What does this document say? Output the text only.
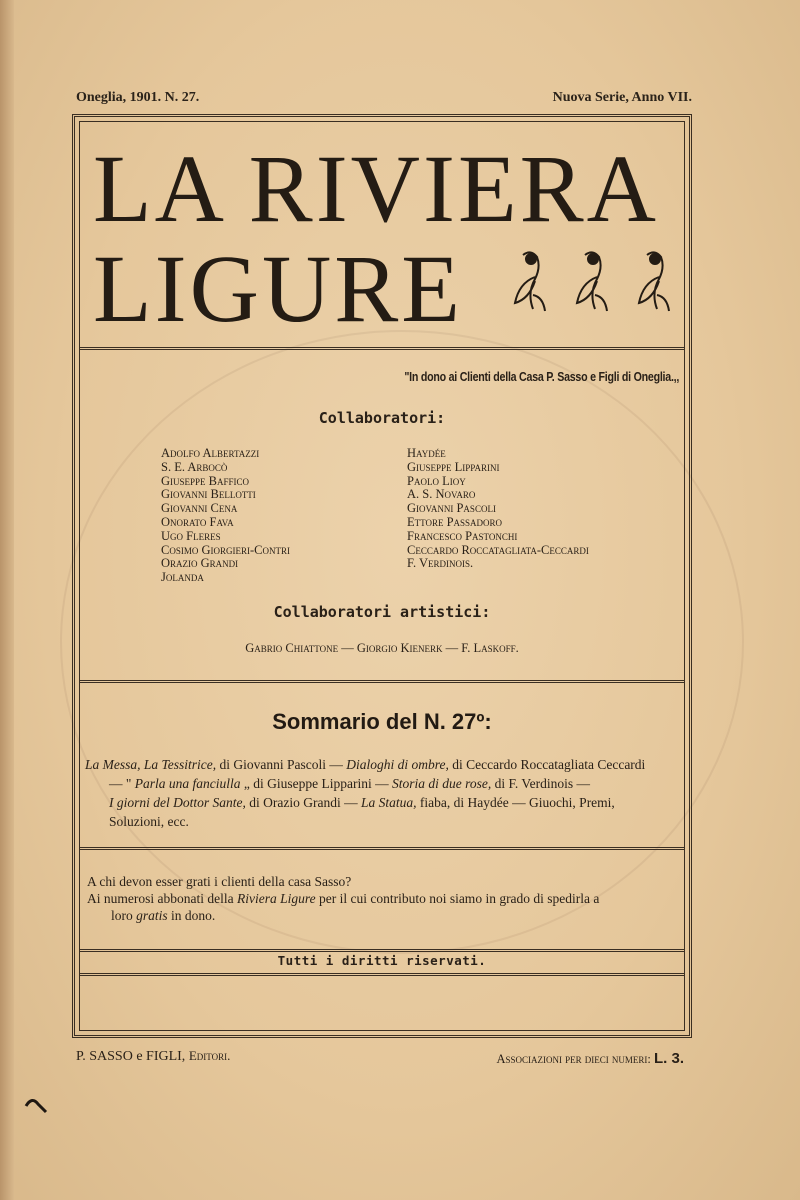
Oneglia, 1901. N. 27.	Nuova Serie, Anno VII.
LA RIVIERA
LIGURE
"In dono ai Clienti della Casa P. Sasso e Figli di Oneglia.,,
Collaboratori:
Adolfo Albertazzi
S. E. Arbocò
Giuseppe Baffico
Giovanni Bellotti
Giovanni Cena
Onorato Fava
Ugo Fleres
Cosimo Giorgieri-Contri
Orazio Grandi
Jolanda
Haydée
Giuseppe Lipparini
Paolo Lioy
A. S. Novaro
Giovanni Pascoli
Ettore Passadoro
Francesco Pastonchi
Ceccardo Roccatagliata-Ceccardi
F. Verdinois.
Collaboratori artistici:
Gabrio Chiattone — Giorgio Kienerk — F. Laskoff.
Sommario del N. 27º:

La Messa, La Tessitrice, di Giovanni Pascoli — Dialoghi di ombre, di Ceccardo Roccatagliata Ceccardi

— " Parla una fanciulla „ di Giuseppe Lipparini — Storia di due rose, di F. Verdinois —

I giorni del Dottor Sante, di Orazio Grandi — La Statua, fiaba, di Haydée — Giuochi, Premi,

Soluzioni, ecc.

A chi devon esser grati i clienti della casa Sasso?

Ai numerosi abbonati della Riviera Ligure per il cui contributo noi siamo in grado di spedirla a

loro gratis in dono.

Tutti i diritti riservati.
P. SASSO e FIGLI, Editori.	Associazioni per dieci numeri: L. 3.
